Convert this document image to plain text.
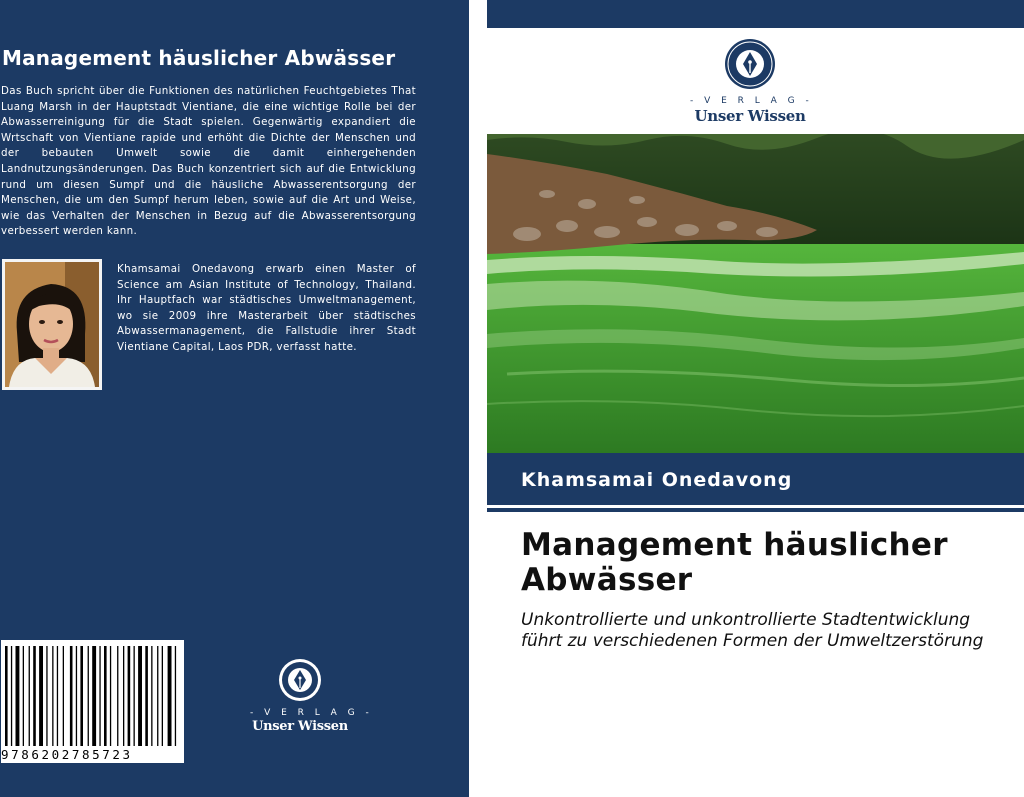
Management häuslicher Abwässer

Das Buch spricht über die Funktionen des natürlichen Feuchtgebietes That Luang Marsh in der Hauptstadt Vientiane, die eine wichtige Rolle bei der Abwasserreinigung für die Stadt spielen. Gegenwärtig expandiert die Wrtschaft von Vientiane rapide und erhöht die Dichte der Menschen und der bebauten Umwelt sowie die damit einhergehenden Landnutzungsänderungen. Das Buch konzentriert sich auf die Entwicklung rund um diesen Sumpf und die häusliche Abwasserentsorgung der Menschen, die um den Sumpf herum leben, sowie auf die Art und Weise, wie das Verhalten der Menschen in Bezug auf die Abwasserentsorgung verbessert werden kann.

Khamsamai Onedavong erwarb einen Master of Science am Asian Institute of Technology, Thailand. Ihr Hauptfach war städtisches Umweltmanagement, wo sie 2009 ihre Masterarbeit über städtisches Abwassermanagement, die Fallstudie ihrer Stadt Vientiane Capital, Laos PDR, verfasst hatte.

9786202785723
- V E R L A G -
Unser Wissen
- V E R L A G -
Unser Wissen
Khamsamai Onedavong
Management häuslicher Abwässer

Unkontrollierte und unkontrollierte Stadtentwicklung führt zu verschiedenen Formen der Umweltzerstörung
